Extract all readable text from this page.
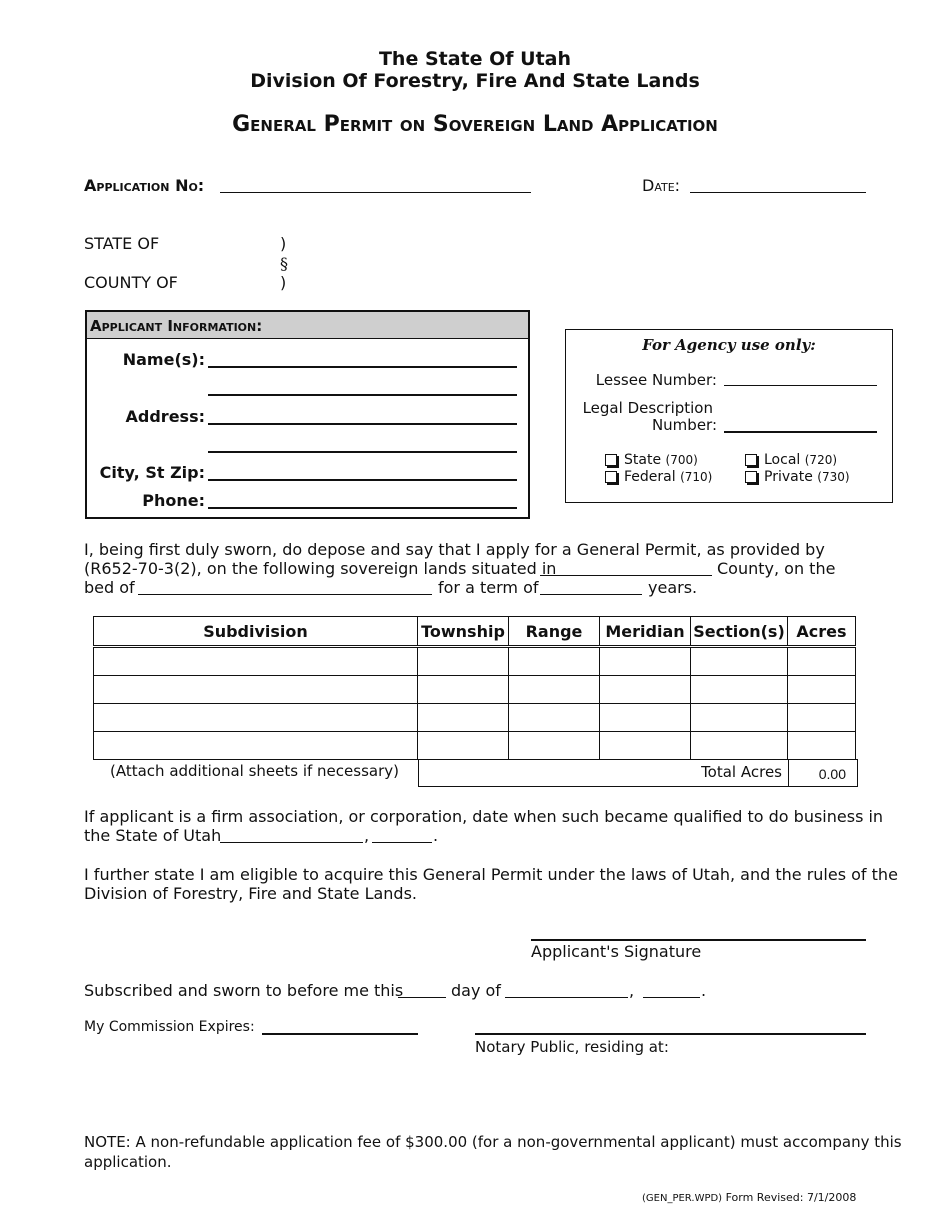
The State Of Utah
Division Of Forestry, Fire And State Lands
General Permit on Sovereign Land Application
Application No:	Date:
STATE OF
COUNTY OF
)
§
)
Applicant Information:
Name(s):
Address:
City, St Zip:
Phone:
For Agency use only:
Lessee Number:
Legal Description
Number:
State (700)	Local (720)
Federal (710)	Private (730)
I, being first duly sworn, do depose and say that I apply for a General Permit, as provided by
(R652-70-3(2), on the following sovereign lands situated in	County, on the
bed of	for a term of	years.
Subdivision	Township	Range	Meridian	Section(s)	Acres

(Attach additional sheets if necessary)	Total Acres	0.00
If applicant is a firm association, or corporation, date when such became qualified to do business in
the State of Utah	,	.
I further state I am eligible to acquire this General Permit under the laws of Utah, and the rules of the
Division of Forestry, Fire and State Lands.
Applicant's Signature
Subscribed and sworn to before me this	day of	,	.
My Commission Expires:
Notary Public, residing at:
NOTE: A non-refundable application fee of $300.00 (for a non-governmental applicant) must accompany this
application.
(GEN_PER.WPD) Form Revised: 7/1/2008
